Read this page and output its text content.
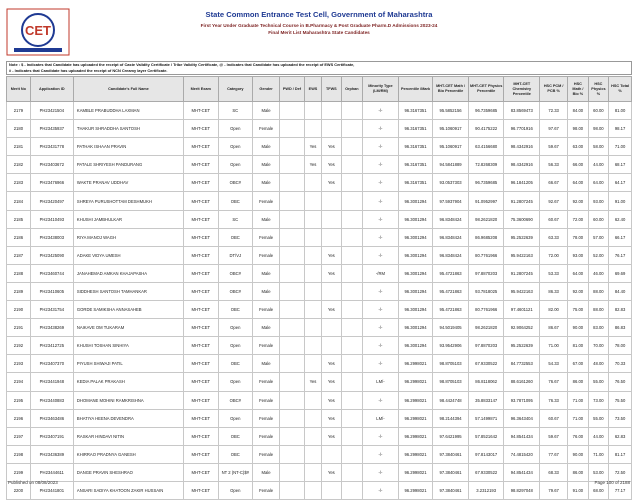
CET
State Common Entrance Test Cell, Government of Maharashtra
First Year Under Graduate Technical Course in B.Pharmacy & Post Graduate Pharm.D Admissions 2023-24
Final Merit List Maharashtra State Candidates
Note : $ - Indicates that Candidate has uploaded the receipt of Caste Validity Certificate / Tribe Validity Certificate, @ - Indicates that Candidate has uploaded the receipt of EWS Certificate,
# - Indicates that Candidate has uploaded the receipt of NCN Creamy layer Certificate.
Merit No	Application ID	Candidate's Full Name	Merit Exam	Category	Gender	PWD / Def	EWS	TFWS	Orphan	Minority Type (LM/RM)	Percentile /Mark	MHT-CET Math / Bio Percentile	MHT-CET Physics Percentile	MHT-CET Chemistry Percentile	HSC PCM / PCB %	HSC Math / Bio %	HSC Physics %	HSC Total %
2179	PH23421504	KAMBLE PRABUDDHA LAXMAN	MHT-CET	SC	Male					-/-	96.3167351	95.5852156	96.7359685	83.8569473	72.33	84.00	60.00	81.00
2180	PH23435937	THAKUR SHRADDHA SANTOSH	MHT-CET	Open	Female					-/-	96.3167351	95.1060917	90.4175222	96.7701916	97.67	98.00	98.00	98.17
2181	PH23431778	PATHAK ISHAAN PRAVIN	MHT-CET	Open	Male		Yes	Yes		-/-	96.3167351	95.1060917	63.4156680	98.4342916	59.67	63.00	58.00	71.00
2182	PH23403672	PATALE SHRIYESH PANDURANG	MHT-CET	Open	Male		Yes	Yes		-/-	96.3167351	94.5841889	72.8268309	98.4342916	56.33	66.00	44.00	68.17
2183	PH23476966	WAKTE PRANAV UDDHAV	MHT-CET	OBC#	Male			Yes		-/-	96.3167351	93.0537303	96.7359685	96.1841205	66.67	64.00	64.00	64.17
2184	PH23420497	SHREYA PURUSHOTTAM DESHMUKH	MHT-CET	OBC	Female					-/-	96.3001294	97.5937904	91.0952997	91.2807245	92.67	92.00	93.00	91.00
2185	PH23410493	KHUSHI JAMBHULKAR	MHT-CET	SC	Male					-/-	96.3001294	96.8348424	98.2621820	75.3600690	60.67	72.00	60.00	62.40
2186	PH23438003	RIYA MANOJ WAGH	MHT-CET	OBC	Female					-/-	96.3001294	96.8348424	86.9685208	95.2522639	63.33	78.00	57.00	66.17
2187	PH23425090	ADAKE VIDYA UMESH	MHT-CET	DT/VJ	Female			Yes		-/-	96.3001294	96.8348424	80.7761966	95.9422163	72.00	93.00	52.00	76.17
2188	PH23460744	JANAHEMAD AMKAN KHAJAPASHA	MHT-CET	OBC#	Male			Yes		-/RM	96.3001294	95.4721863	97.8870203	91.2807245	53.33	64.00	46.00	69.69
2189	PH23410605	SIDDHESH SANTOSH TAMHANKAR	MHT-CET	OBC#	Male					-/-	96.3001294	95.4721863	93.7818025	95.9422163	86.33	92.00	88.00	84.40
2190	PH23431754	GORDE SAMIKSHA ANNASAHEB	MHT-CET	OBC	Female			Yes		-/-	96.3001294	95.4721863	80.7761966	97.4601121	82.00	75.00	88.00	82.83
2191	PH23438269	NAIKAVE OM TUKARAM	MHT-CET	Open	Male					-/-	96.3001294	94.5019405	98.2621820	92.9064252	86.67	90.00	83.00	86.83
2192	PH23412725	KHUSHI TOSHAN SINHIYA	MHT-CET	Open	Female					-/-	96.3001294	93.9542906	97.8870203	95.2522639	71.00	81.00	70.00	78.00
2193	PH23407370	PIYUSH SHIWAJI PATIL	MHT-CET	OBC	Male			Yes		-/-	96.2998021	98.8705103	67.9330522	84.7732553	54.33	67.00	48.00	70.33
2194	PH23441948	KEDIA PALAK PRAKASH	MHT-CET	Open	Female		Yes	Yes		LM/-	96.2998021	98.8705103	86.8118062	88.6161260	76.67	86.00	55.00	76.50
2195	PH23440883	DHOMANE MOHINI RAMKRISHNA	MHT-CET	OBC#	Female			Yes		-/-	96.2998021	98.4424748	35.8833147	93.7871095	76.33	71.00	73.00	75.50
2196	PH23463486	BHATIYA HEENA DEVENDRA	MHT-CET	Open	Female			Yes		LM/-	96.2998021	98.2144394	57.1499871	96.3643404	60.67	71.00	55.00	73.50
2197	PH23407191	RASKAR HINDAVI NITIN	MHT-CET	OBC	Female			Yes		-/-	96.2998021	97.6421995	57.8521642	94.8541434	59.67	76.00	44.00	62.83
2198	PH23436389	KHIRRAO PRADNYA GANESH	MHT-CET	OBC	Female					-/-	96.2998021	97.3840461	97.8143017	74.4815420	77.67	90.00	71.00	81.17
2199	PH23444611	DANGE PRAVIN SHESHRAO	MHT-CET	NT 2 (NT-C)$#	Male			Yes		-/-	96.2998021	97.3840461	67.9330522	94.8541434	68.33	86.00	53.00	72.50
2200	PH23441801	ANSARI SADIYA KHATOON ZAKIR HUSSAIN	MHT-CET	Open	Female					-/-	96.2998021	97.3840461	3.2312193	98.8297048	79.67	91.00	68.00	77.17
Published on 08/08/2023	Page 100 of 2188
